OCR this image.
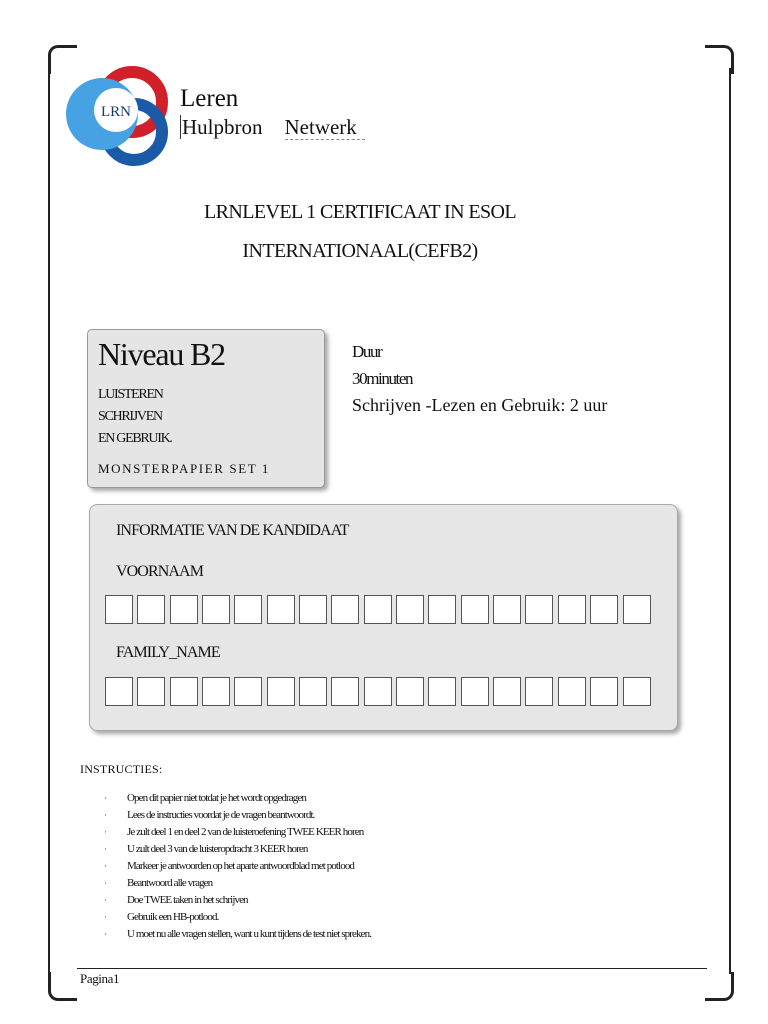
LRN Leren
Hulpbron Netwerk
LRNLEVEL 1 CERTIFICAAT IN ESOL
INTERNATIONAAL(CEFB2)
Niveau B2
LUISTEREN
SCHRIJVEN
EN GEBRUIK.
MONSTERPAPIER SET 1
Duur
30minuten
Schrijven -Lezen en Gebruik: 2 uur
INFORMATIE VAN DE KANDIDAAT
VOORNAAM
FAMILY_NAME
INSTRUCTIES:
· Open dit papier niet totdat je het wordt opgedragen
· Lees de instructies voordat je de vragen beantwoordt.
· Je zult deel 1 en deel 2 van de luisteroefening TWEE KEER horen
· U zult deel 3 van de luisteropdracht 3 KEER horen
· Markeer je antwoorden op het aparte antwoordblad met potlood
· Beantwoord alle vragen
· Doe TWEE taken in het schrijven
· Gebruik een HB-potlood.
· U moet nu alle vragen stellen, want u kunt tijdens de test niet spreken.
Pagina1
